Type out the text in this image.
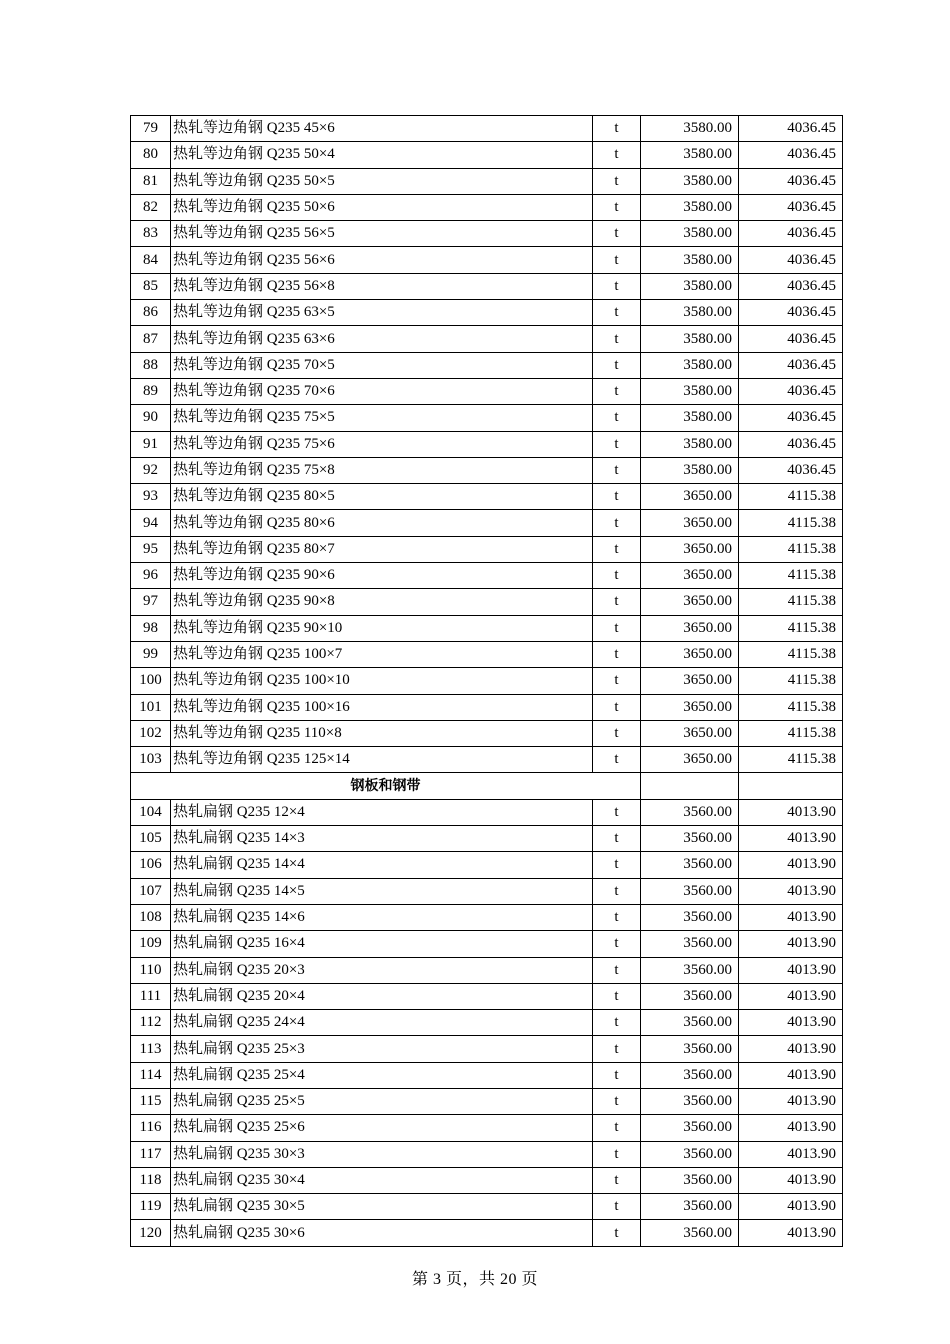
79	热轧等边角钢 Q235 45×6	t	3580.00	4036.45
80	热轧等边角钢 Q235 50×4	t	3580.00	4036.45
81	热轧等边角钢 Q235 50×5	t	3580.00	4036.45
82	热轧等边角钢 Q235 50×6	t	3580.00	4036.45
83	热轧等边角钢 Q235 56×5	t	3580.00	4036.45
84	热轧等边角钢 Q235 56×6	t	3580.00	4036.45
85	热轧等边角钢 Q235 56×8	t	3580.00	4036.45
86	热轧等边角钢 Q235 63×5	t	3580.00	4036.45
87	热轧等边角钢 Q235 63×6	t	3580.00	4036.45
88	热轧等边角钢 Q235 70×5	t	3580.00	4036.45
89	热轧等边角钢 Q235 70×6	t	3580.00	4036.45
90	热轧等边角钢 Q235 75×5	t	3580.00	4036.45
91	热轧等边角钢 Q235 75×6	t	3580.00	4036.45
92	热轧等边角钢 Q235 75×8	t	3580.00	4036.45
93	热轧等边角钢 Q235 80×5	t	3650.00	4115.38
94	热轧等边角钢 Q235 80×6	t	3650.00	4115.38
95	热轧等边角钢 Q235 80×7	t	3650.00	4115.38
96	热轧等边角钢 Q235 90×6	t	3650.00	4115.38
97	热轧等边角钢 Q235 90×8	t	3650.00	4115.38
98	热轧等边角钢 Q235 90×10	t	3650.00	4115.38
99	热轧等边角钢 Q235 100×7	t	3650.00	4115.38
100	热轧等边角钢 Q235 100×10	t	3650.00	4115.38
101	热轧等边角钢 Q235 100×16	t	3650.00	4115.38
102	热轧等边角钢 Q235 110×8	t	3650.00	4115.38
103	热轧等边角钢 Q235 125×14	t	3650.00	4115.38
钢板和钢带				
104	热轧扁钢 Q235 12×4	t	3560.00	4013.90
105	热轧扁钢 Q235 14×3	t	3560.00	4013.90
106	热轧扁钢 Q235 14×4	t	3560.00	4013.90
107	热轧扁钢 Q235 14×5	t	3560.00	4013.90
108	热轧扁钢 Q235 14×6	t	3560.00	4013.90
109	热轧扁钢 Q235 16×4	t	3560.00	4013.90
110	热轧扁钢 Q235 20×3	t	3560.00	4013.90
111	热轧扁钢 Q235 20×4	t	3560.00	4013.90
112	热轧扁钢 Q235 24×4	t	3560.00	4013.90
113	热轧扁钢 Q235 25×3	t	3560.00	4013.90
114	热轧扁钢 Q235 25×4	t	3560.00	4013.90
115	热轧扁钢 Q235 25×5	t	3560.00	4013.90
116	热轧扁钢 Q235 25×6	t	3560.00	4013.90
117	热轧扁钢 Q235 30×3	t	3560.00	4013.90
118	热轧扁钢 Q235 30×4	t	3560.00	4013.90
119	热轧扁钢 Q235 30×5	t	3560.00	4013.90
120	热轧扁钢 Q235 30×6	t	3560.00	4013.90
第 3 页，共 20 页
